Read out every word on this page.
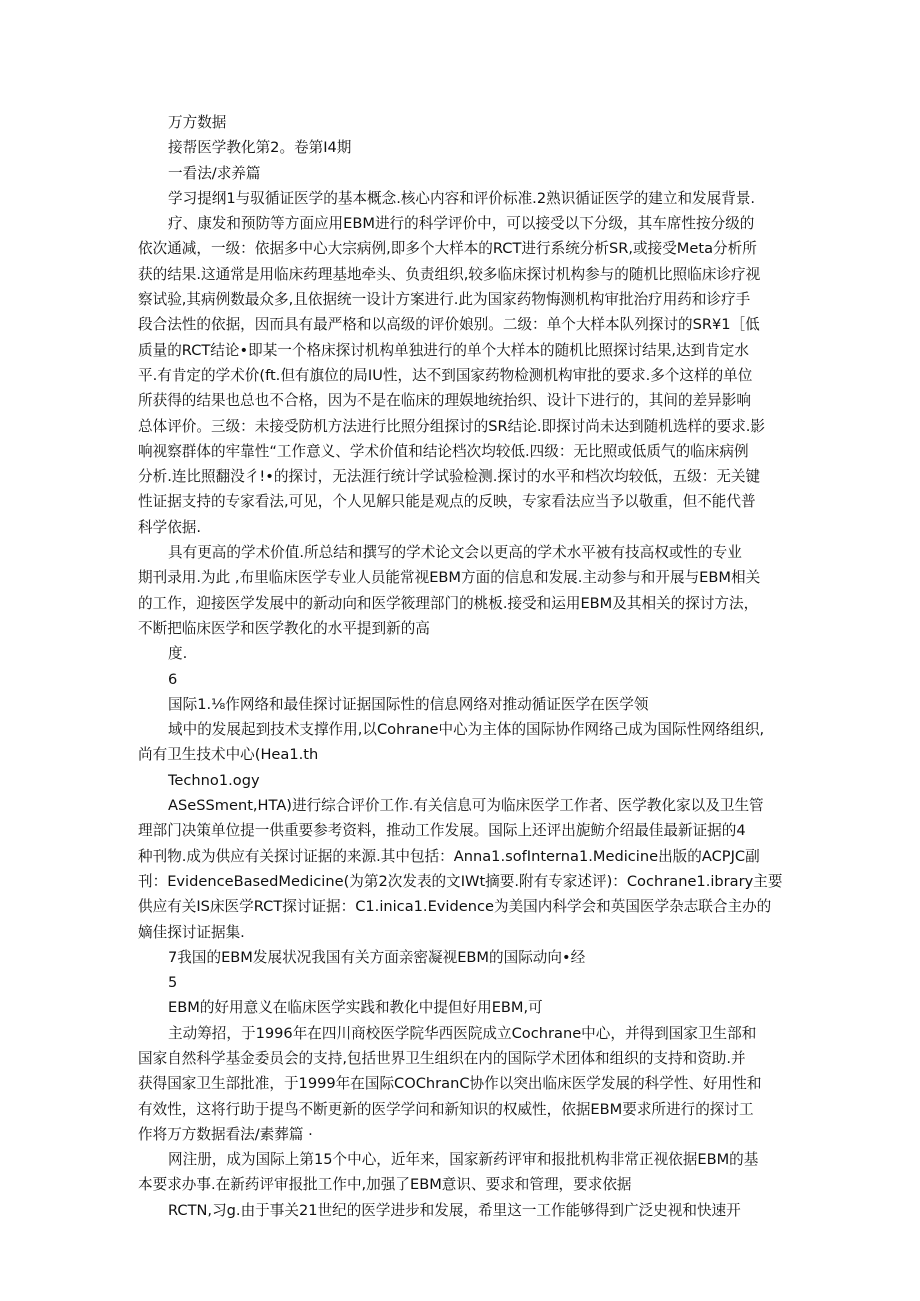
万方数据
接帮医学教化第2。卷第I4期
一看法/求养篇
学习提纲1与驭循证医学的基本概念.核心内容和评价标准.2熟识循证医学的建立和发展背景.
疗、康发和预防等方面应用EBM进行的科学评价中，可以接受以下分级，其车席性按分级的
依次通减，一级：依据多中心大宗病例,即多个大样本的RCT进行系统分析SR,或接受Meta分析所
获的结果.这通常是用临床药理基地牵头、负责组织,较多临床探讨机构参与的随机比照临床诊疗视
察试验,其病例数最众多,且依据统一设计方案进行.此为国家药物悔测机构审批治疗用药和诊疗手
段合法性的依据，因而具有最严格和以高级的评价娘别。二级：单个大样本队列探讨的SR¥1［低
质量的RCT结论•即某一个格床探讨机构单独进行的单个大样本的随机比照探讨结果,达到肯定水
平.有肯定的学术价(ft.但有旗位的局IU性，达不到国家药物检测机构审批的要求.多个这样的单位
所获得的结果也总也不合格，因为不是在临床的理娱地统抬织、设计下进行的，其间的差异影响
总体评价。三级：未接受防机方法进行比照分组探讨的SR结论.即探讨尚未达到随机选样的要求.影
响视察群体的牢靠性“工作意义、学术价值和结论档次均较低.四级：无比照或低质气的临床病例
分析.连比照翻没彳!•的探讨，无法涯行统计学试验检测.探讨的水平和档次均较低，五级：无关键
性证据支持的专家看法,可见，个人见解只能是观点的反映，专家看法应当予以敬重，但不能代普
科学依据.
具有更高的学术价值.所总结和撰写的学术论文会以更高的学术水平被有技高权或性的专业
期刊录用.为此 ,布里临床医学专业人员能常视EBM方面的信息和发展.主动参与和开展与EBM相关
的工作，迎接医学发展中的新动向和医学筱理部门的桃板.接受和运用EBM及其相关的探讨方法，
不断把临床医学和医学教化的水平提到新的高
度.
6
国际1.⅛作网络和最佳探讨证据国际性的信息网络对推动循证医学在医学领
域中的发展起到技术支撑作用,以Cohrane中心为主体的国际协作网络己成为国际性网络组织,
尚有卫生技术中心(Hea1.th
Techno1.ogy
ASeSSment,HTA)进行综合评价工作.有关信息可为临床医学工作者、医学教化家以及卫生管
理部门决策单位提一供重要参考资料，推动工作发展。国际上还评出旎鲂介绍最佳最新证据的4
种刊物.成为供应有关探讨证据的来源.其中包括：Anna1.sofInterna1.Medicine出版的ACPJC副
刊：EvidenceBasedMedicine(为第2次发表的文IWt摘要.附有专家述评)：Cochrane1.ibrary主要
供应有关IS床医学RCT探讨证据：C1.inica1.Evidence为美国内科学会和英国医学杂志联合主办的
嫡佳探讨证据集.
7我国的EBM发展状况我国有关方面亲密凝视EBM的国际动向•经
5
EBM的好用意义在临床医学实践和教化中提但好用EBM,可
主动筹招，于1996年在四川商校医学院华西医院成立Cochrane中心，并得到国家卫生部和
国家自然科学基金委员会的支持,包括世界卫生组织在内的国际学术团体和组织的支持和资助.并
获得国家卫生部批准，于1999年在国际COChranC协作以突出临床医学发展的科学性、好用性和
有效性，这将行助于提鸟不断更新的医学学问和新知识的权威性，依据EBM要求所进行的探讨工
作将万方数据看法/素葬篇 ·
网注册，成为国际上第15个中心，近年来，国家新药评审和报批机构非常正视依据EBM的基
本要求办事.在新药评审报批工作中,加强了EBM意识、要求和管理，要求依据
RCTN,习g.由于事关21世纪的医学进步和发展，希里这一工作能够得到广泛史视和快速开
